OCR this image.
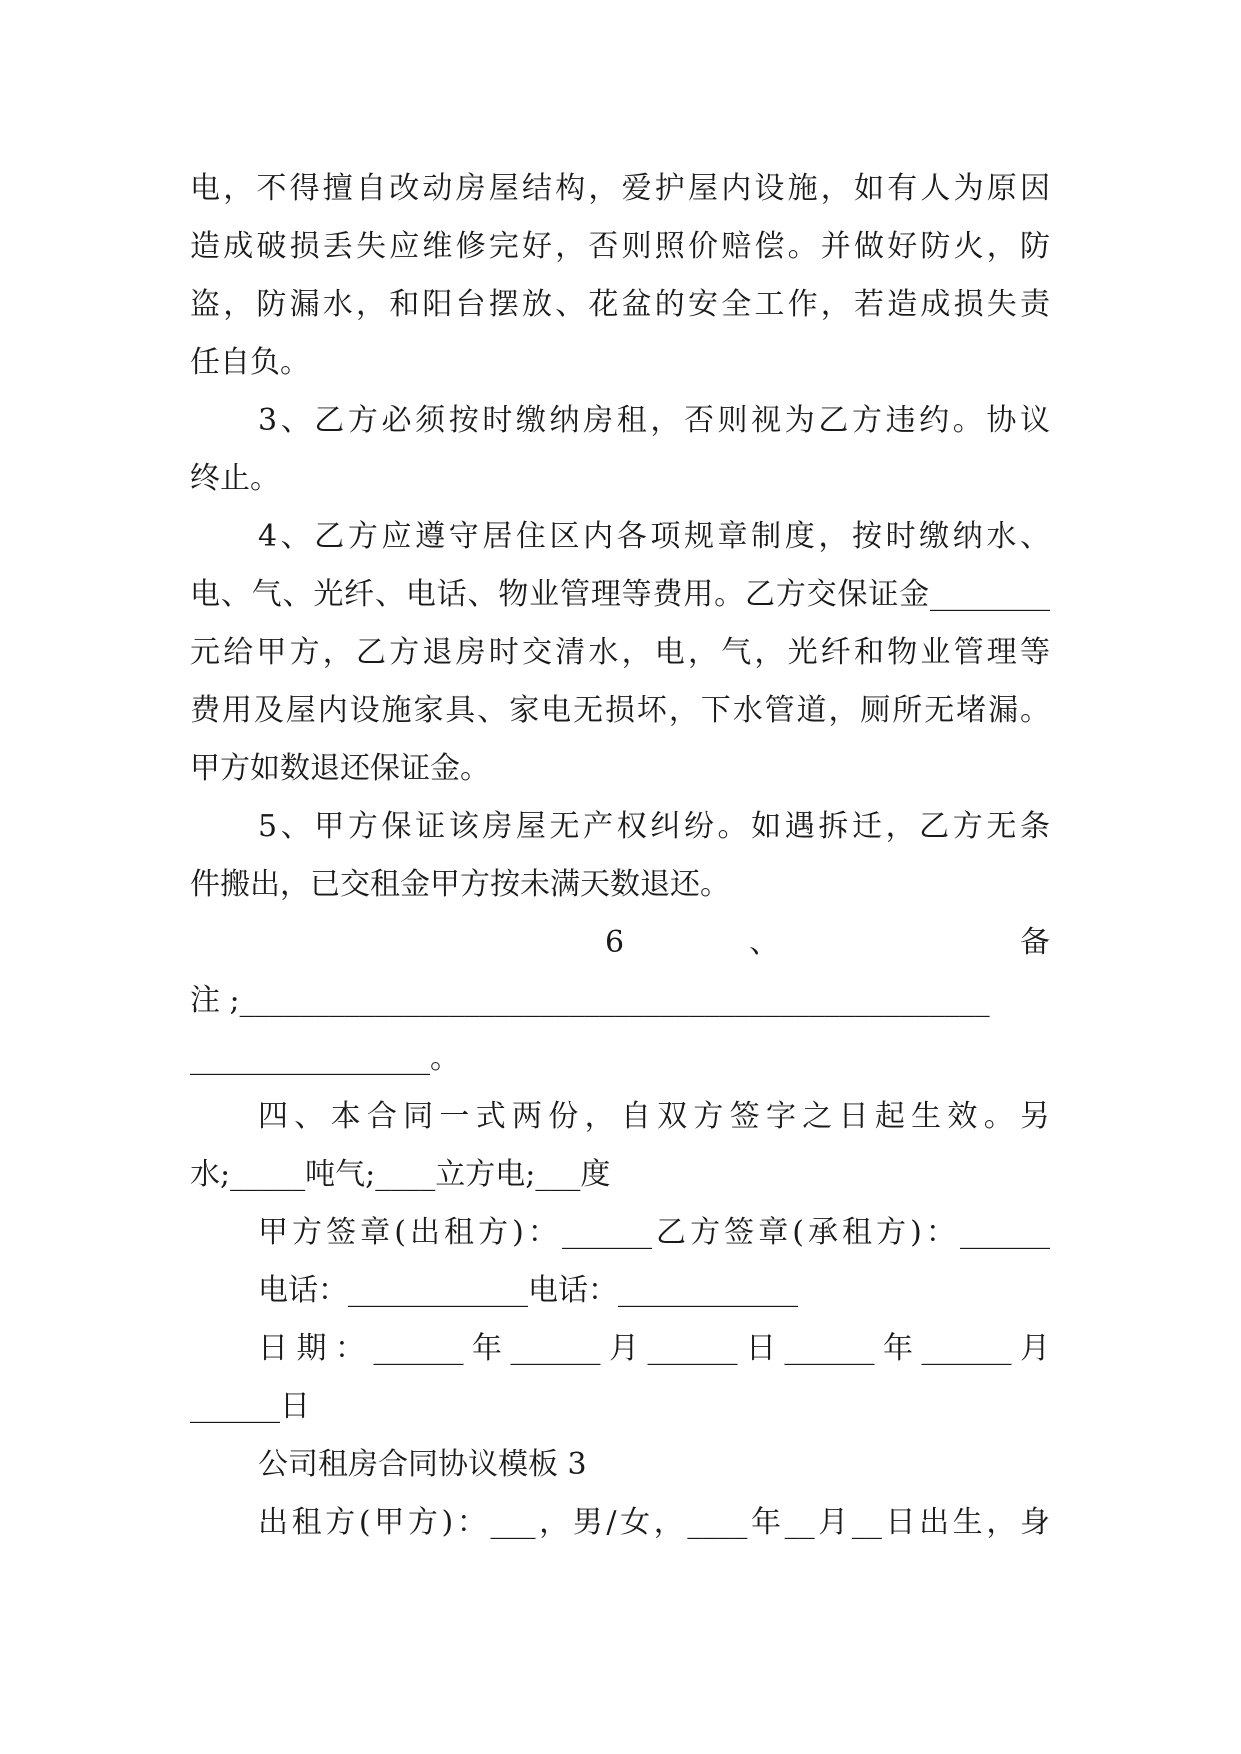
电，不得擅自改动房屋结构，爱护屋内设施，如有人为原因
造成破损丢失应维修完好，否则照价赔偿。并做好防火，防
盗，防漏水，和阳台摆放、花盆的安全工作，若造成损失责
任自负。
3、乙方必须按时缴纳房租，否则视为乙方违约。协议
终止。
4、乙方应遵守居住区内各项规章制度，按时缴纳水、
电、气、光纤、电话、物业管理等费用。乙方交保证金________
元给甲方，乙方退房时交清水，电，气，光纤和物业管理等
费用及屋内设施家具、家电无损坏，下水管道，厕所无堵漏。
甲方如数退还保证金。
5、甲方保证该房屋无产权纠纷。如遇拆迁，乙方无条
件搬出，已交租金甲方按未满天数退还。
6 、 备
注 ;__________________________________________________
________________。
四、本合同一式两份，自双方签字之日起生效。另
水;_____吨气;____立方电;___度
甲方签章(出租方)：______乙方签章(承租方)：______
电话：____________电话：____________
日期：______年______月______日______年______月
______日
公司租房合同协议模板 3
出租方(甲方)：___，男/女，____年__月__日出生，身
